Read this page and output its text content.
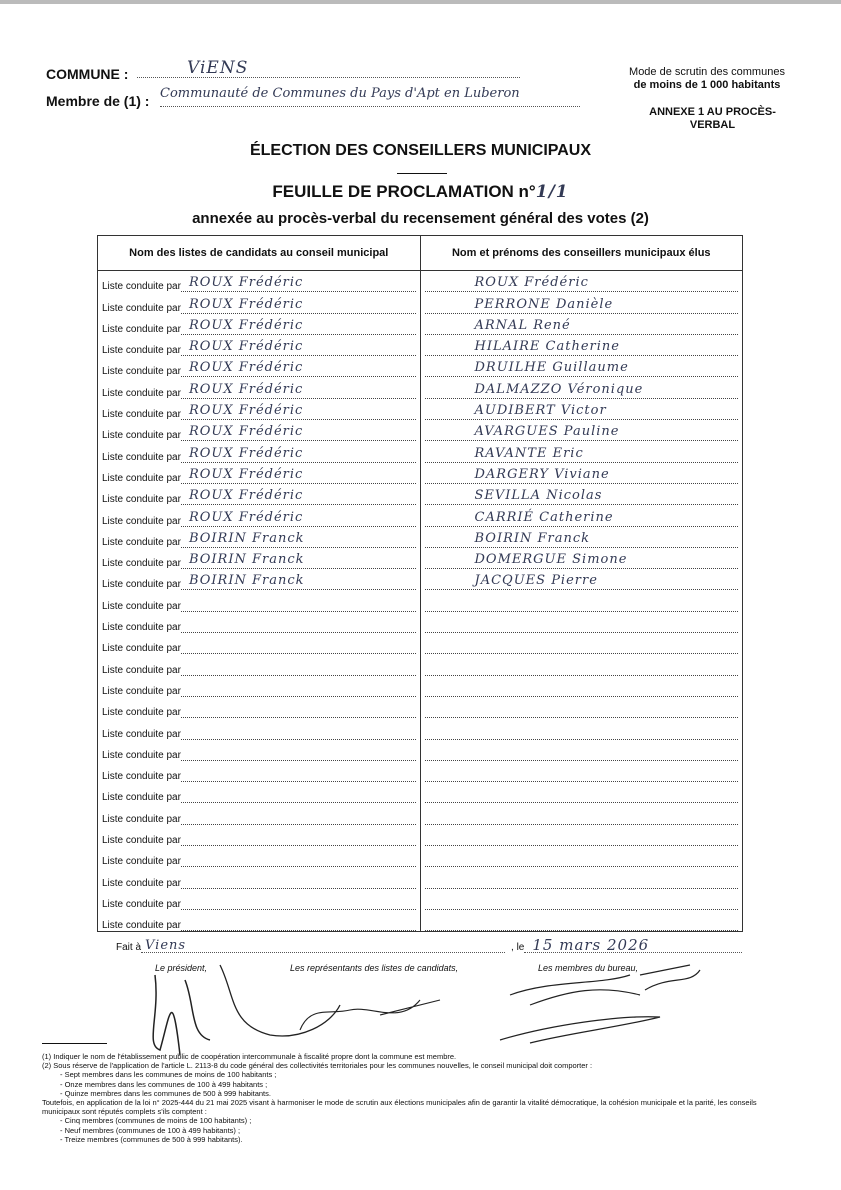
COMMUNE :	ViENS
Membre de (1) : Communauté de Communes du Pays d'Apt en Luberon
Mode de scrutin des communes
de moins de 1 000 habitants
ANNEXE 1 AU PROCÈS-VERBAL
ÉLECTION DES CONSEILLERS MUNICIPAUX
FEUILLE DE PROCLAMATION n°1/1
annexée au procès-verbal du recensement général des votes (2)
Nom des listes de candidats au conseil municipal	Nom et prénoms des conseillers municipaux élus

Liste conduite par ROUX Frédéric	ROUX Frédéric

Liste conduite par ROUX Frédéric	PERRONE Danièle

Liste conduite par ROUX Frédéric	ARNAL René

Liste conduite par ROUX Frédéric	HILAIRE Catherine

Liste conduite par ROUX Frédéric	DRUILHE Guillaume

Liste conduite par ROUX Frédéric	DALMAZZO Véronique

Liste conduite par ROUX Frédéric	AUDIBERT Victor

Liste conduite par ROUX Frédéric	AVARGUES Pauline

Liste conduite par ROUX Frédéric	RAVANTE Eric

Liste conduite par ROUX Frédéric	DARGERY Viviane

Liste conduite par ROUX Frédéric	SEVILLA Nicolas

Liste conduite par ROUX Frédéric	CARRIÉ Catherine

Liste conduite par BOIRIN Franck	BOIRIN Franck

Liste conduite par BOIRIN Franck	DOMERGUE Simone

Liste conduite par BOIRIN Franck	JACQUES Pierre

Liste conduite par	

Liste conduite par	

Liste conduite par	

Liste conduite par	

Liste conduite par	

Liste conduite par	

Liste conduite par	

Liste conduite par	

Liste conduite par	

Liste conduite par	

Liste conduite par	

Liste conduite par	

Liste conduite par	

Liste conduite par	

Liste conduite par	

Liste conduite par	

Fait à Viens	, le 15 mars 2026
Le président,	Les représentants des listes de candidats,	Les membres du bureau,
(1) Indiquer le nom de l'établissement public de coopération intercommunale à fiscalité propre dont la commune est membre.
(2) Sous réserve de l'application de l'article L. 2113-8 du code général des collectivités territoriales pour les communes nouvelles, le conseil municipal doit comporter :
- Sept membres dans les communes de moins de 100 habitants ;
- Onze membres dans les communes de 100 à 499 habitants ;
- Quinze membres dans les communes de 500 à 999 habitants.
Toutefois, en application de la loi n° 2025-444 du 21 mai 2025 visant à harmoniser le mode de scrutin aux élections municipales afin de garantir la vitalité démocratique, la cohésion municipale et la parité, les conseils municipaux sont réputés complets s'ils comptent :
- Cinq membres (communes de moins de 100 habitants) ;
- Neuf membres (communes de 100 à 499 habitants) ;
- Treize membres (communes de 500 à 999 habitants).
